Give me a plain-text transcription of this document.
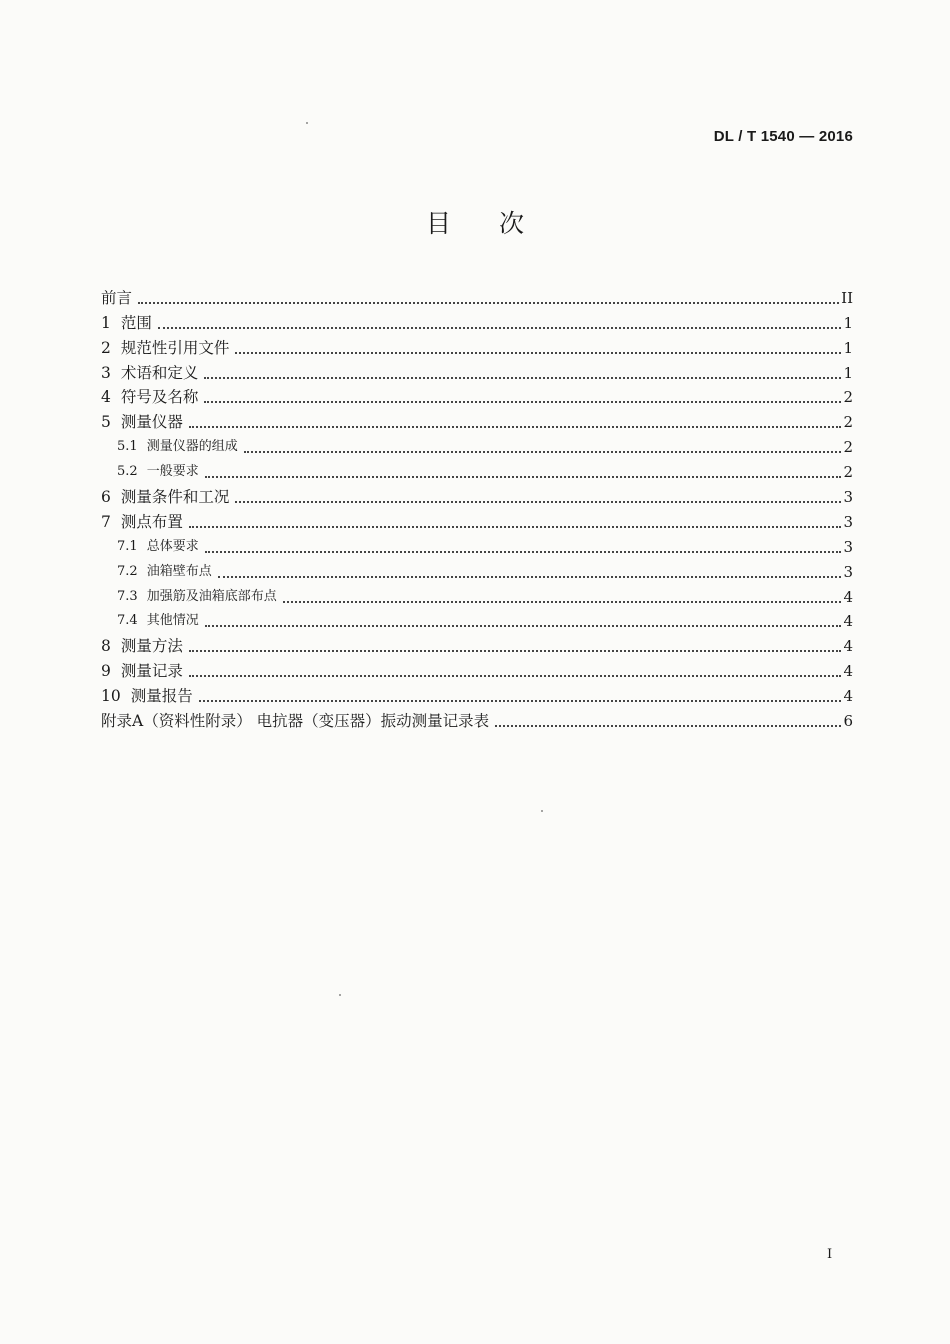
DL / T 1540 — 2016
目次
前言	II
1 范围	1
2 规范性引用文件	1
3 术语和定义	1
4 符号及名称	2
5 测量仪器	2
5.1 测量仪器的组成	2
5.2 一般要求	2
6 测量条件和工况	3
7 测点布置	3
7.1 总体要求	3
7.2 油箱壁布点	3
7.3 加强筋及油箱底部布点	4
7.4 其他情况	4
8 测量方法	4
9 测量记录	4
10 测量报告	4
附录A（资料性附录） 电抗器（变压器）振动测量记录表	6
I
